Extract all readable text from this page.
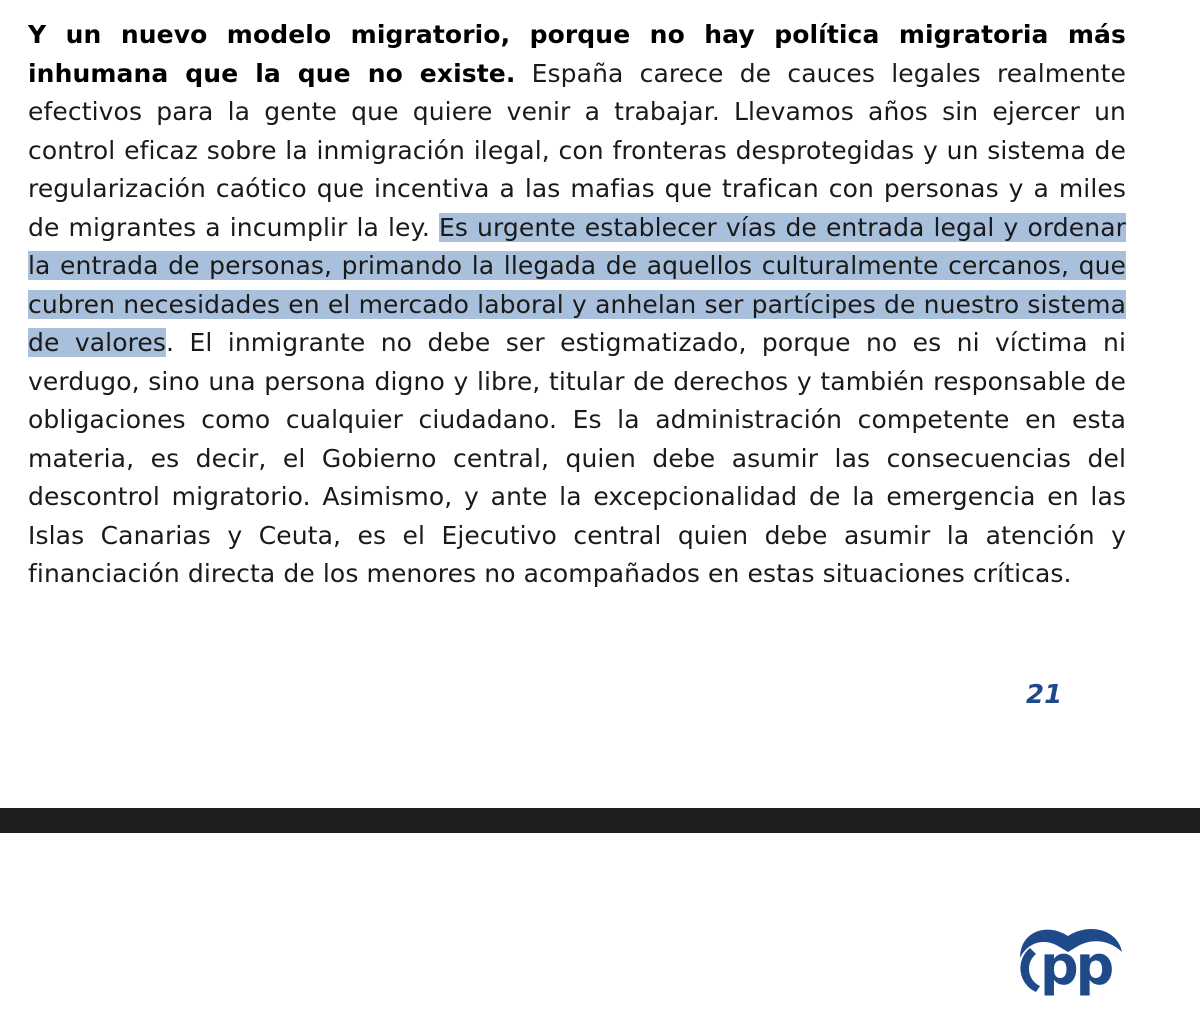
Y un nuevo modelo migratorio, porque no hay política migratoria más inhumana que la que no existe. España carece de cauces legales realmente efectivos para la gente que quiere venir a trabajar. Llevamos años sin ejercer un control eficaz sobre la inmigración ilegal, con fronteras desprotegidas y un sistema de regularización caótico que incentiva a las mafias que trafican con personas y a miles de migrantes a incumplir la ley. Es urgente establecer vías de entrada legal y ordenar la entrada de personas, primando la llegada de aquellos culturalmente cercanos, que cubren necesidades en el mercado laboral y anhelan ser partícipes de nuestro sistema de valores. El inmigrante no debe ser estigmatizado, porque no es ni víctima ni verdugo, sino una persona digno y libre, titular de derechos y también responsable de obligaciones como cualquier ciudadano. Es la administración competente en esta materia, es decir, el Gobierno central, quien debe asumir las consecuencias del descontrol migratorio. Asimismo, y ante la excepcionalidad de la emergencia en las Islas Canarias y Ceuta, es el Ejecutivo central quien debe asumir la atención y financiación directa de los menores no acompañados en estas situaciones críticas.

21
pp
